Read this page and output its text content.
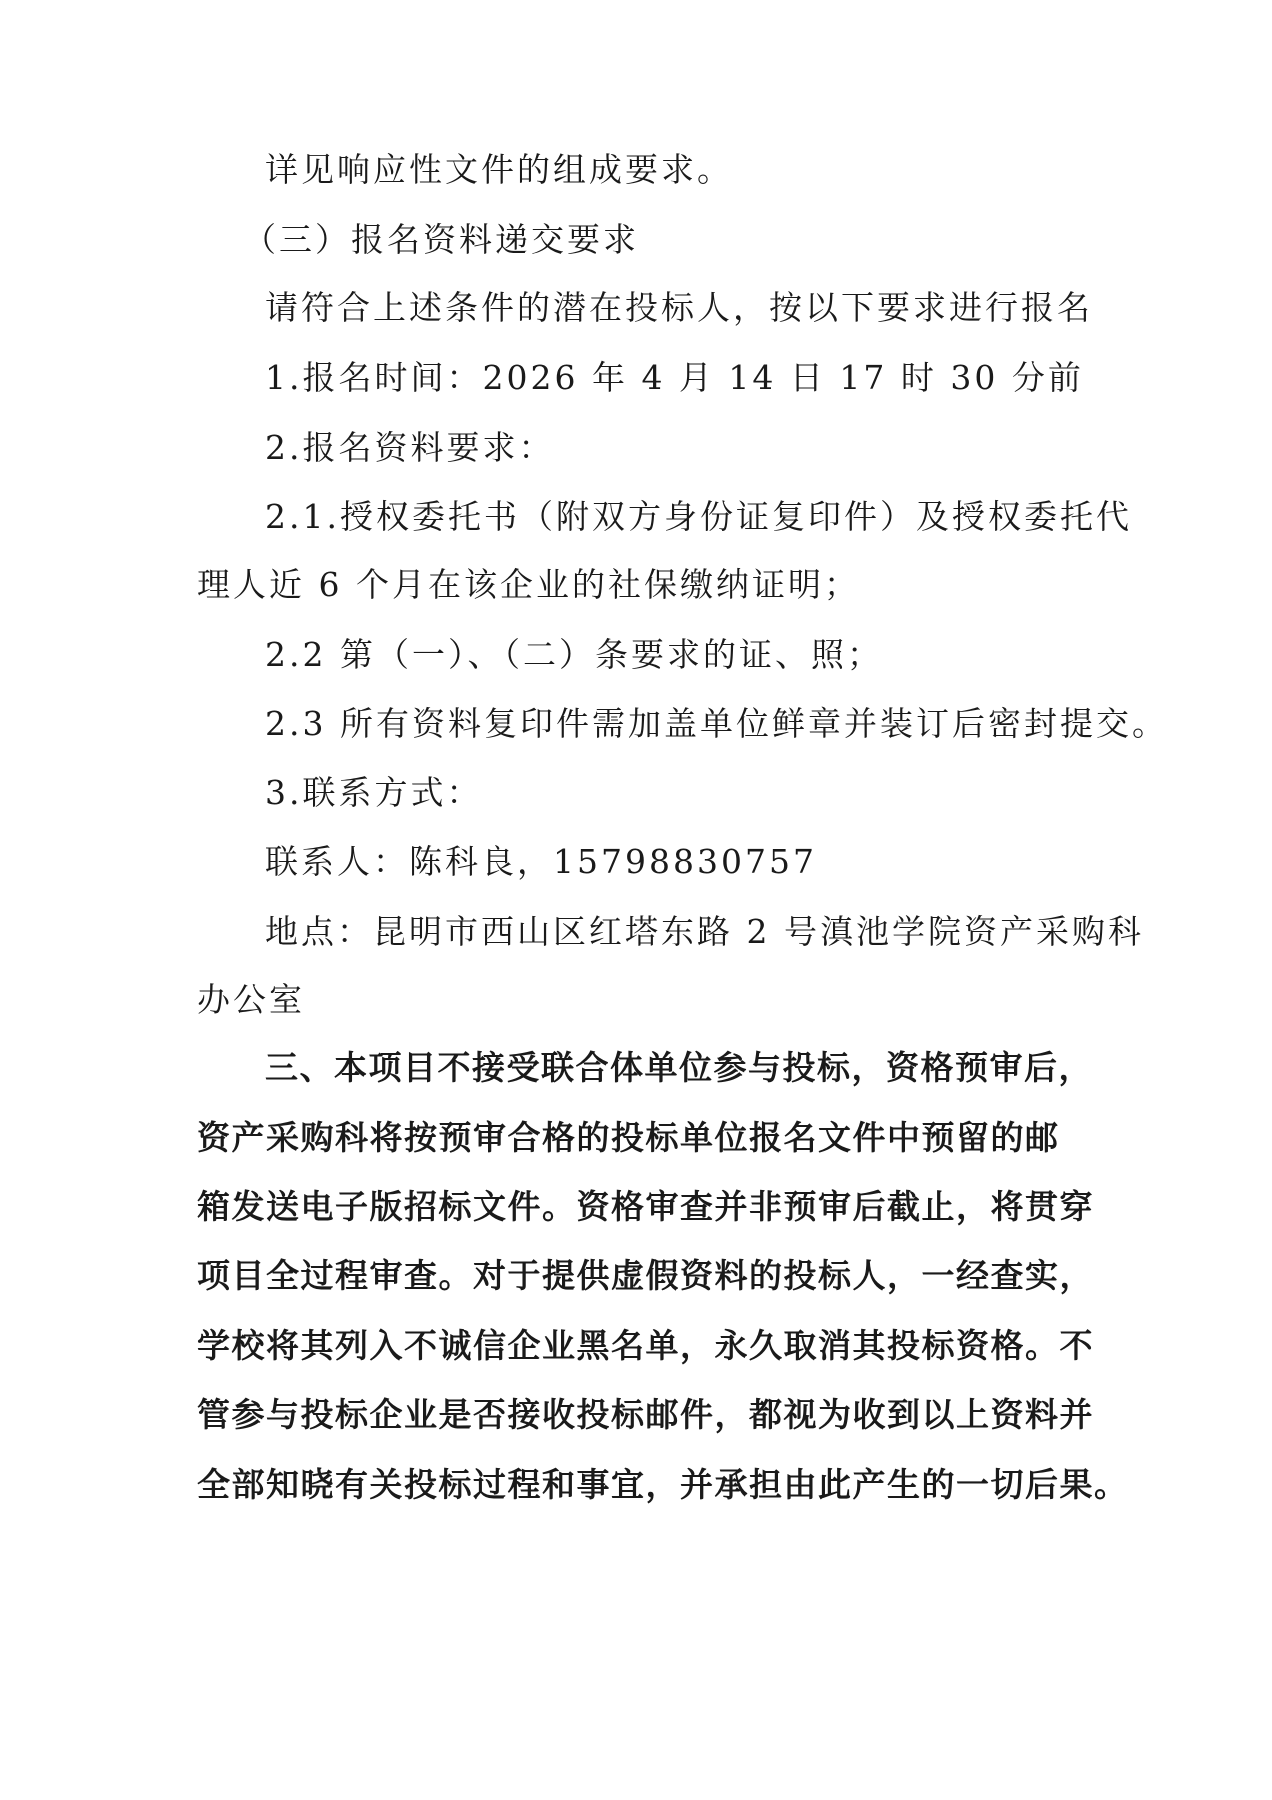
详见响应性文件的组成要求。
（三）报名资料递交要求
请符合上述条件的潜在投标人，按以下要求进行报名
1.报名时间：2026 年 4 月 14 日 17 时 30 分前
2.报名资料要求：
2.1.授权委托书（附双方身份证复印件）及授权委托代
理人近 6 个月在该企业的社保缴纳证明；
2.2 第（一）、（二）条要求的证、照；
2.3 所有资料复印件需加盖单位鲜章并装订后密封提交。
3.联系方式：
联系人：陈科良，15798830757
地点：昆明市西山区红塔东路 2 号滇池学院资产采购科
办公室
三、本项目不接受联合体单位参与投标，资格预审后，
资产采购科将按预审合格的投标单位报名文件中预留的邮
箱发送电子版招标文件。资格审查并非预审后截止，将贯穿
项目全过程审查。对于提供虚假资料的投标人，一经查实，
学校将其列入不诚信企业黑名单，永久取消其投标资格。不
管参与投标企业是否接收投标邮件，都视为收到以上资料并
全部知晓有关投标过程和事宜，并承担由此产生的一切后果。
